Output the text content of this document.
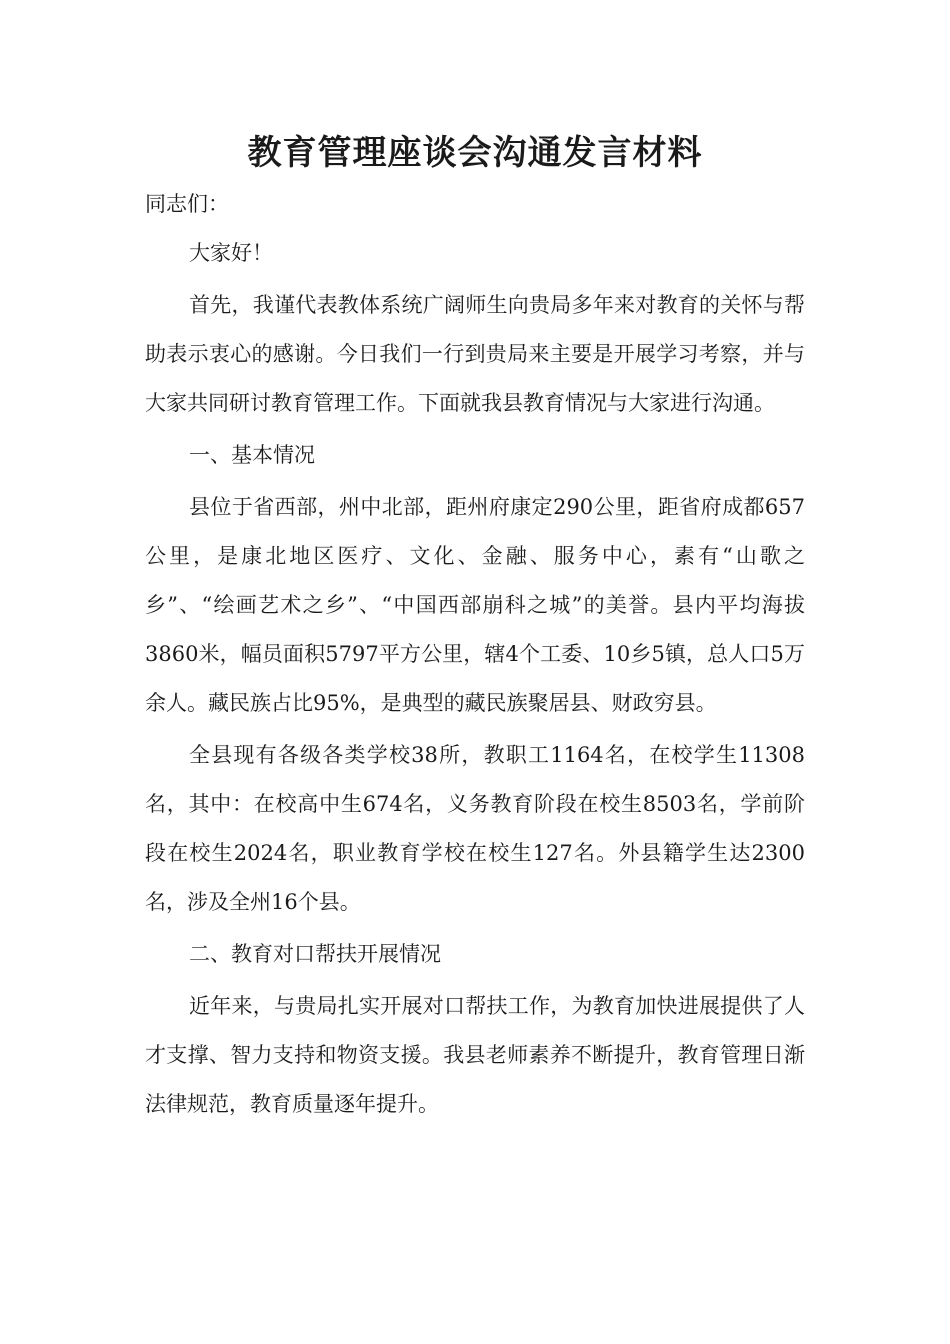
教育管理座谈会沟通发言材料

同志们：

大家好！

首先，我谨代表教体系统广阔师生向贵局多年来对教育的关怀与帮助表示衷心的感谢。今日我们一行到贵局来主要是开展学习考察，并与大家共同研讨教育管理工作。下面就我县教育情况与大家进行沟通。

一、基本情况

县位于省西部，州中北部，距州府康定290公里，距省府成都657公里，是康北地区医疗、文化、金融、服务中心，素有“山歌之乡”、“绘画艺术之乡”、“中国西部崩科之城”的美誉。县内平均海拔3860米，幅员面积5797平方公里，辖4个工委、10乡5镇，总人口5万余人。藏民族占比95%，是典型的藏民族聚居县、财政穷县。

全县现有各级各类学校38所，教职工1164名，在校学生11308名，其中：在校高中生674名，义务教育阶段在校生8503名，学前阶段在校生2024名，职业教育学校在校生127名。外县籍学生达2300名，涉及全州16个县。

二、教育对口帮扶开展情况

近年来，与贵局扎实开展对口帮扶工作，为教育加快进展提供了人才支撑、智力支持和物资支援。我县老师素养不断提升，教育管理日渐法律规范，教育质量逐年提升。
